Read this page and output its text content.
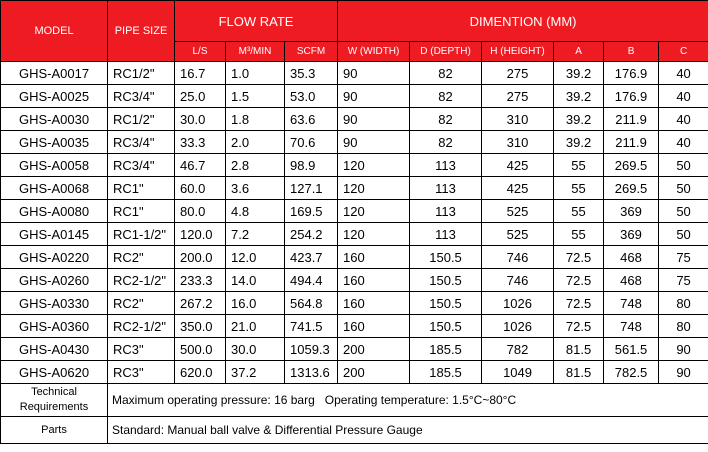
MODEL	PIPE SIZE	FLOW RATE			DIMENTION (MM)					
		L/S	M³/MIN	SCFM	W (WIDTH)	D (DEPTH)	H (HEIGHT)	A	B	C
GHS-A0017	RC1/2"	16.7	1.0	35.3	90	82	275	39.2	176.9	40
GHS-A0025	RC3/4"	25.0	1.5	53.0	90	82	275	39.2	176.9	40
GHS-A0030	RC1/2"	30.0	1.8	63.6	90	82	310	39.2	211.9	40
GHS-A0035	RC3/4"	33.3	2.0	70.6	90	82	310	39.2	211.9	40
GHS-A0058	RC3/4"	46.7	2.8	98.9	120	113	425	55	269.5	50
GHS-A0068	RC1"	60.0	3.6	127.1	120	113	425	55	269.5	50
GHS-A0080	RC1"	80.0	4.8	169.5	120	113	525	55	369	50
GHS-A0145	RC1-1/2"	120.0	7.2	254.2	120	113	525	55	369	50
GHS-A0220	RC2"	200.0	12.0	423.7	160	150.5	746	72.5	468	75
GHS-A0260	RC2-1/2"	233.3	14.0	494.4	160	150.5	746	72.5	468	75
GHS-A0330	RC2"	267.2	16.0	564.8	160	150.5	1026	72.5	748	80
GHS-A0360	RC2-1/2"	350.0	21.0	741.5	160	150.5	1026	72.5	748	80
GHS-A0430	RC3"	500.0	30.0	1059.3	200	185.5	782	81.5	561.5	90
GHS-A0620	RC3"	620.0	37.2	1313.6	200	185.5	1049	81.5	782.5	90
Technical Requirements	Maximum operating pressure: 16 barg Operating temperature: 1.5°C~80°C									
Parts	Standard: Manual ball valve & Differential Pressure Gauge									
